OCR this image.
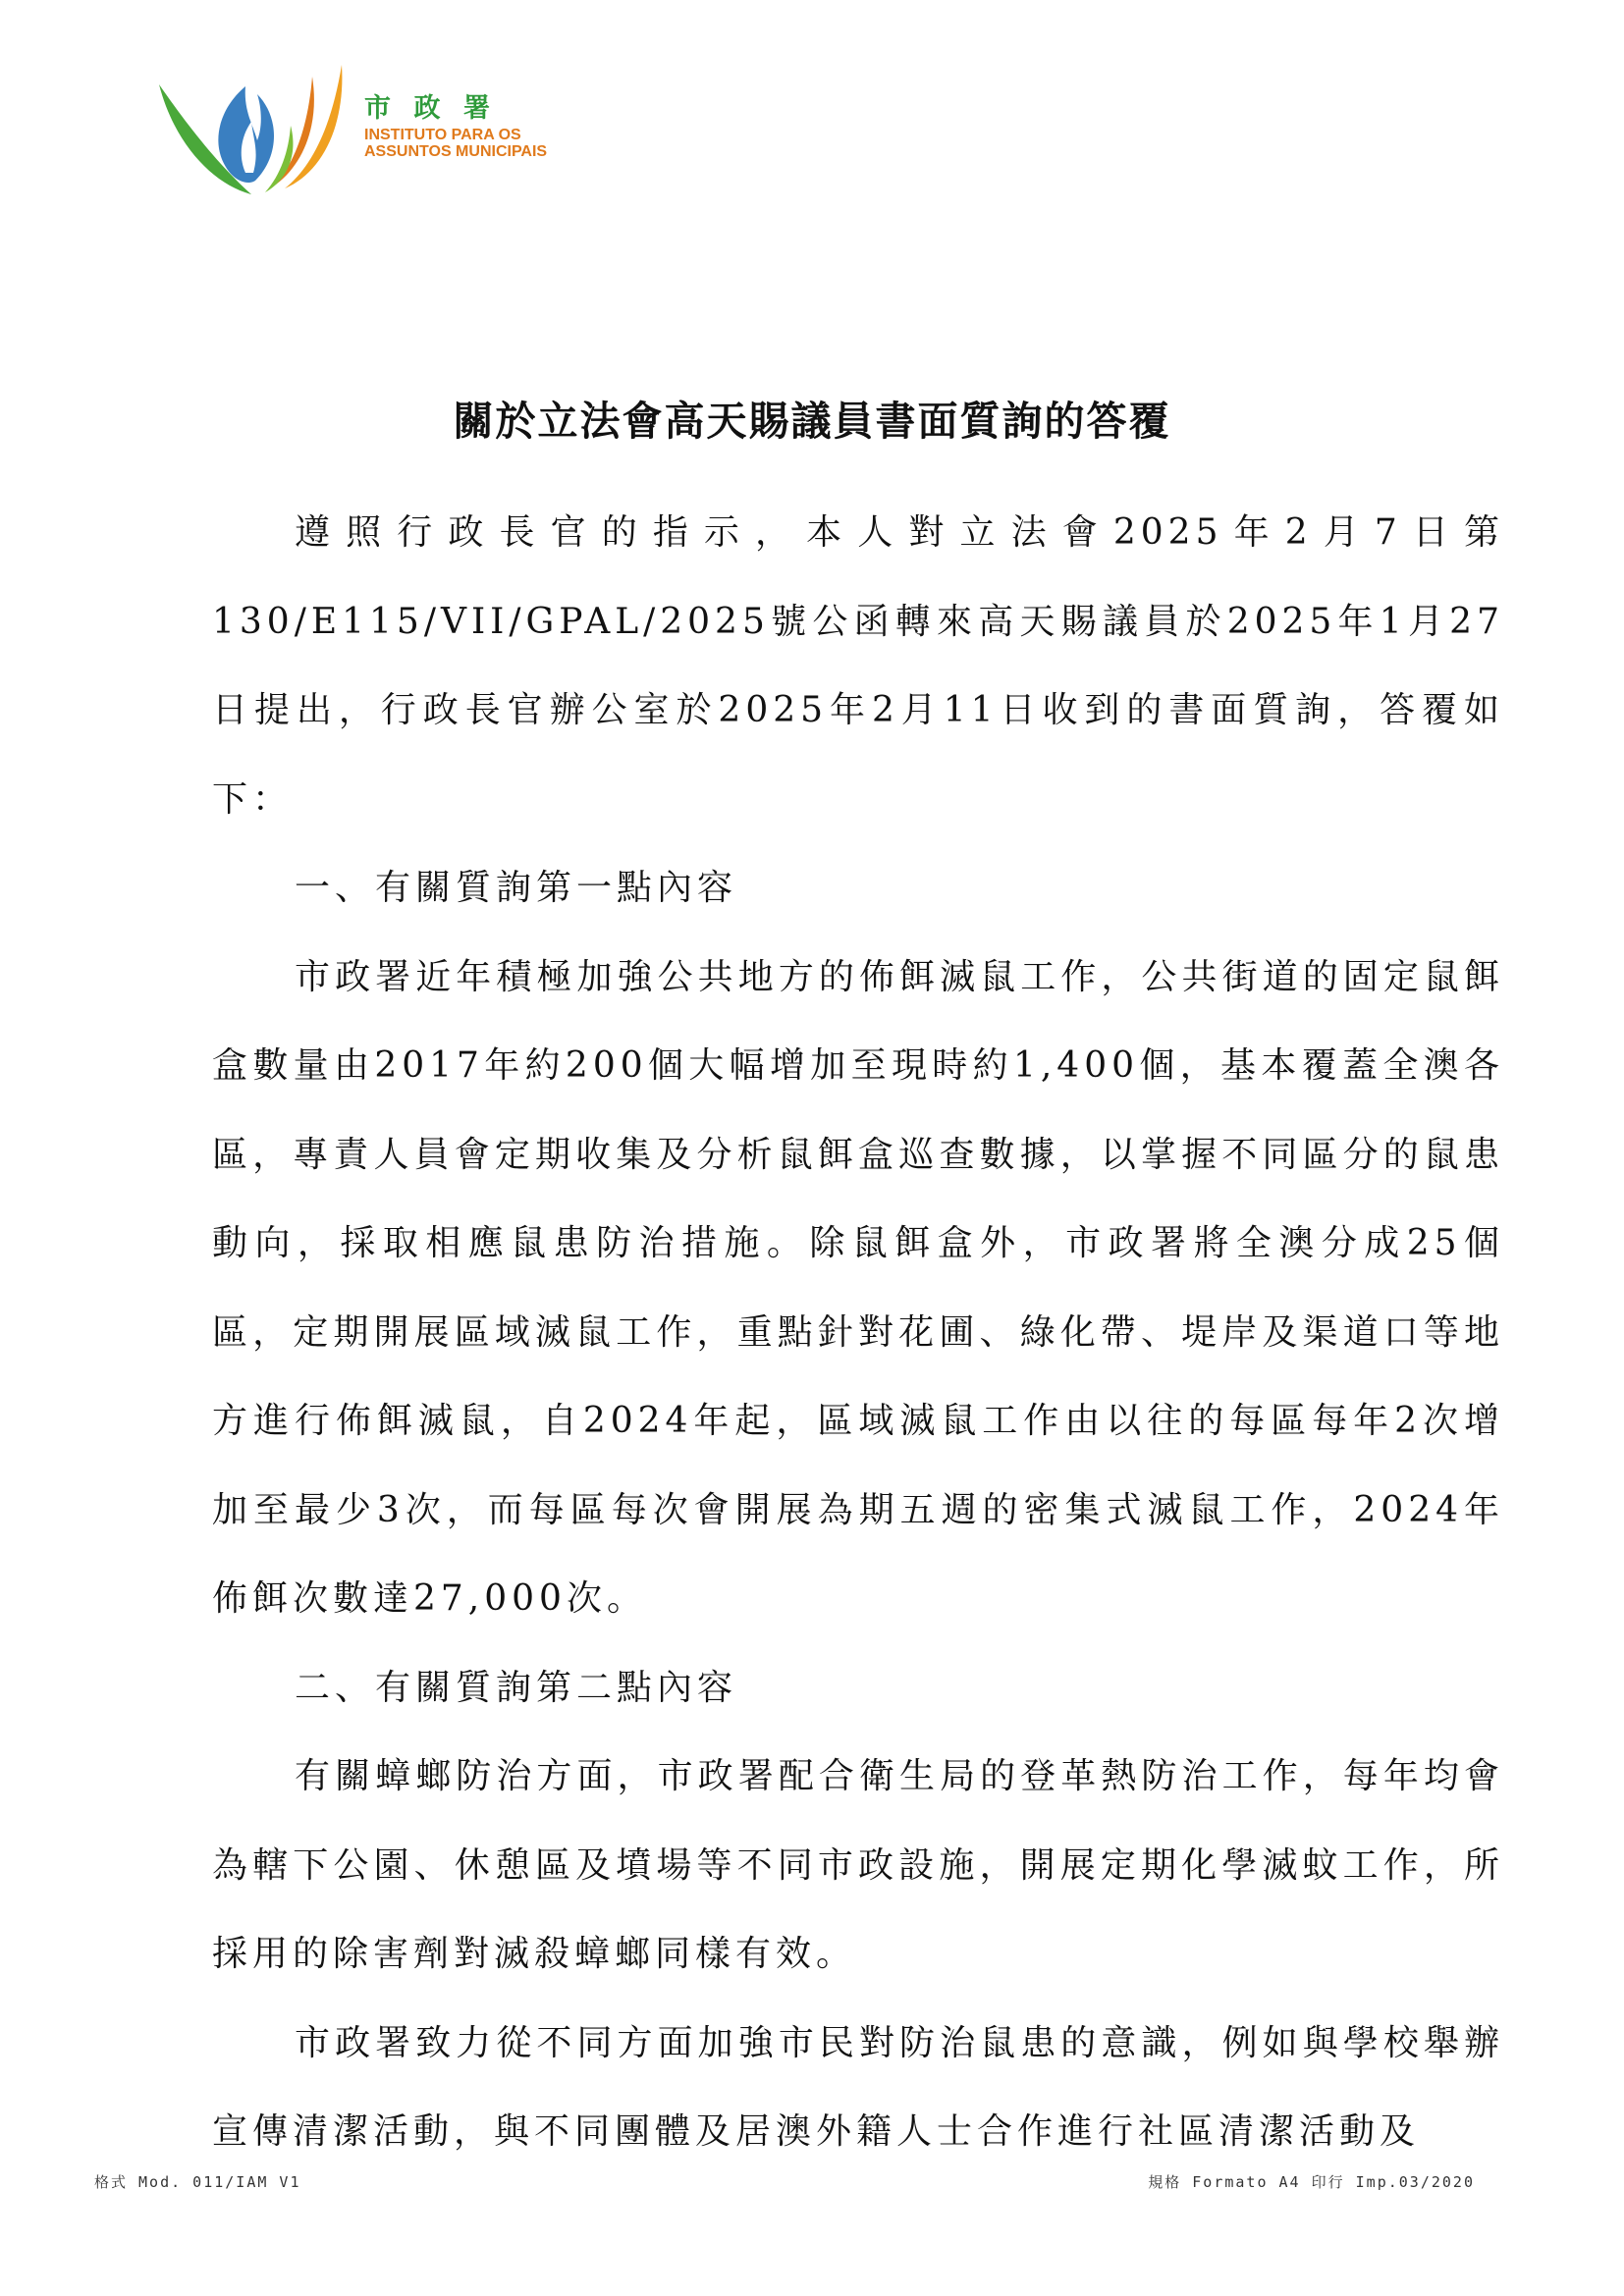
市 政 署
INSTITUTO PARA OS
ASSUNTOS MUNICIPAIS
關於立法會高天賜議員書面質詢的答覆

遵照行政長官的指示，本人對立法會2025年2月7日第130/E115/VII/GPAL/2025號公函轉來高天賜議員於2025年1月27日提出，行政長官辦公室於2025年2月11日收到的書面質詢，答覆如下：

一、有關質詢第一點內容

市政署近年積極加強公共地方的佈餌滅鼠工作，公共街道的固定鼠餌盒數量由2017年約200個大幅增加至現時約1,400個，基本覆蓋全澳各區，專責人員會定期收集及分析鼠餌盒巡查數據，以掌握不同區分的鼠患動向，採取相應鼠患防治措施。除鼠餌盒外，市政署將全澳分成25個區，定期開展區域滅鼠工作，重點針對花圃、綠化帶、堤岸及渠道口等地方進行佈餌滅鼠，自2024年起，區域滅鼠工作由以往的每區每年2次增加至最少3次，而每區每次會開展為期五週的密集式滅鼠工作，2024年佈餌次數達27,000次。

二、有關質詢第二點內容

有關蟑螂防治方面，市政署配合衛生局的登革熱防治工作，每年均會為轄下公園、休憩區及墳場等不同市政設施，開展定期化學滅蚊工作，所採用的除害劑對滅殺蟑螂同樣有效。

市政署致力從不同方面加強市民對防治鼠患的意識，例如與學校舉辦宣傳清潔活動，與不同團體及居澳外籍人士合作進行社區清潔活動及

格式 Mod. 011/IAM V1	規格 Formato A4 印行 Imp.03/2020
